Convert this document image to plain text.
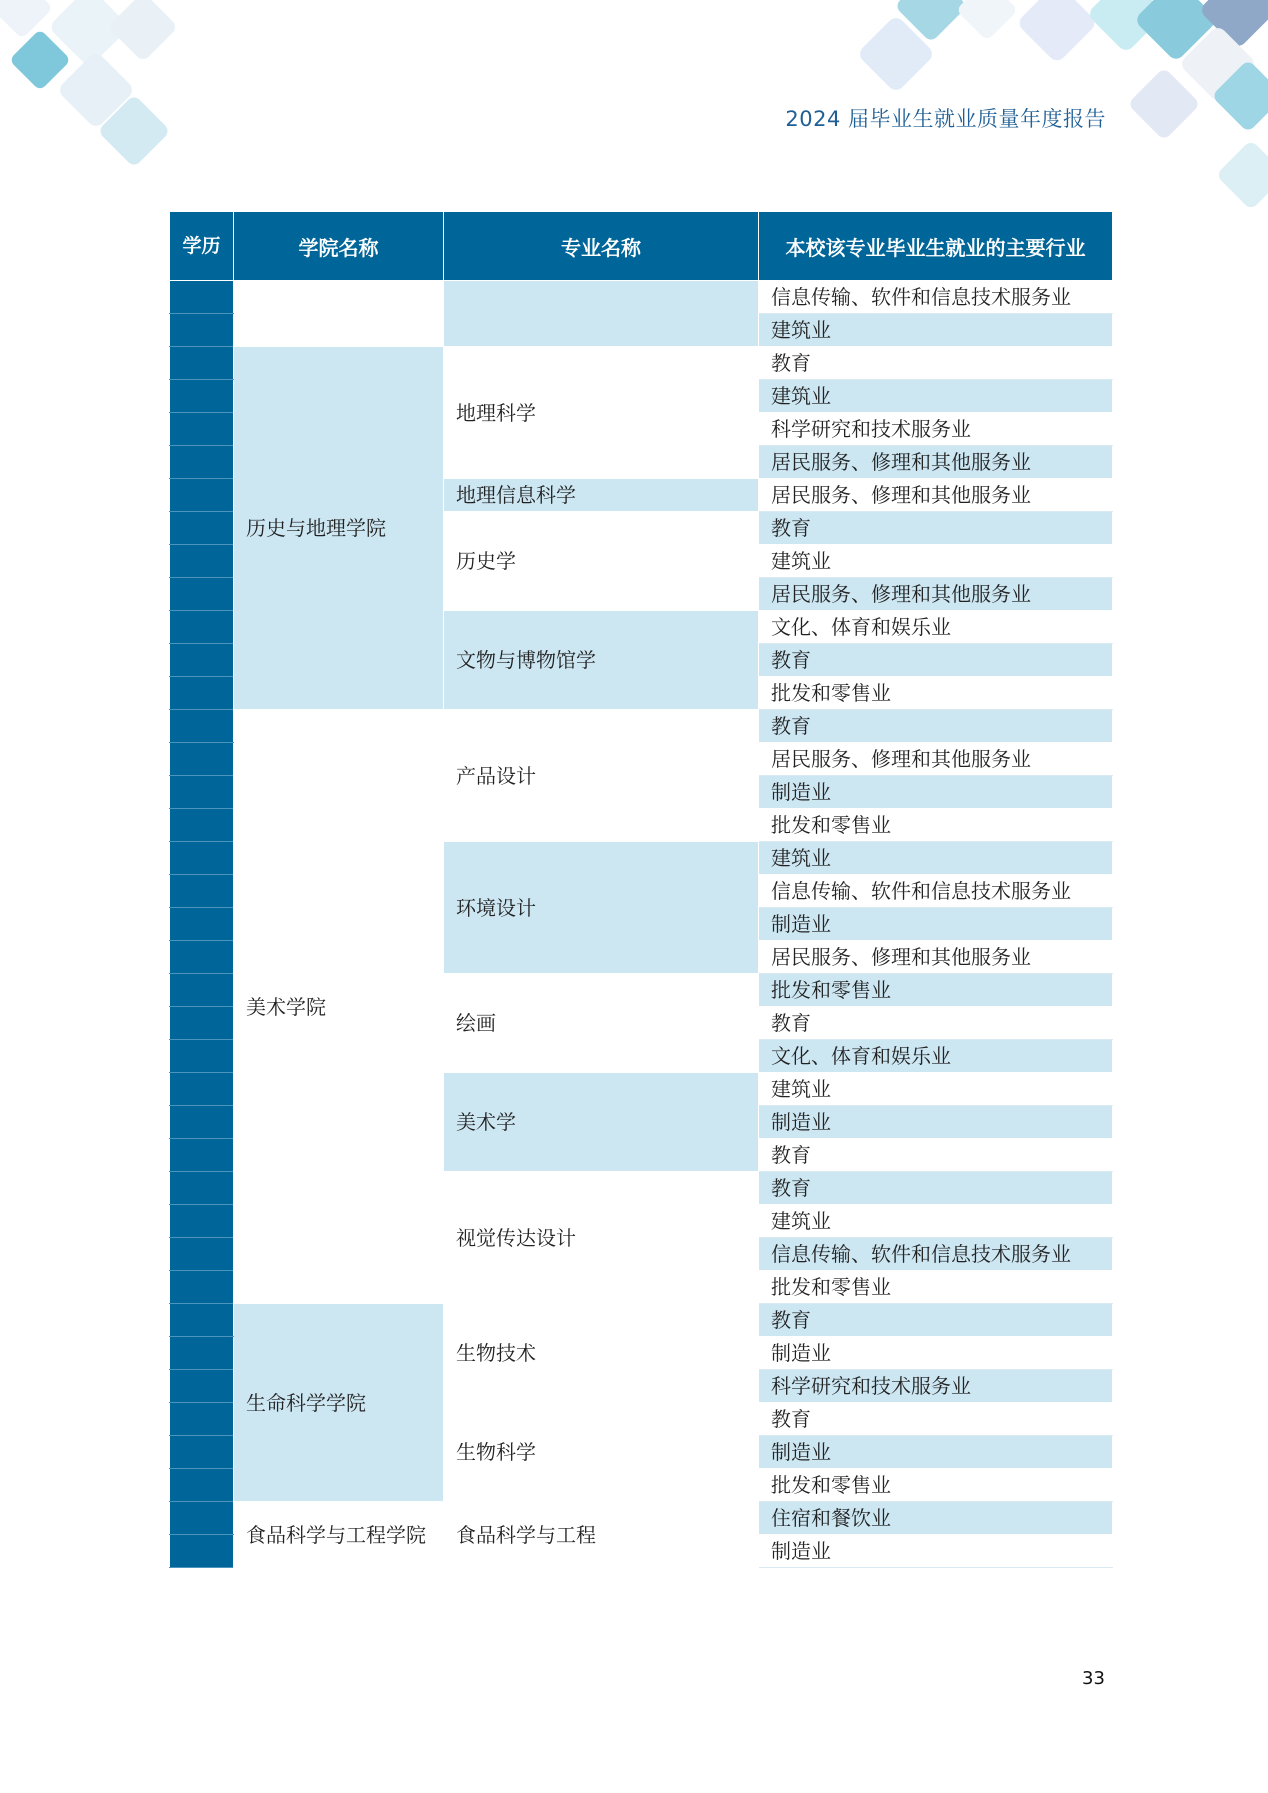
2024 届毕业生就业质量年度报告
学历	学院名称	专业名称	本校该专业毕业生就业的主要行业
			信息传输、软件和信息技术服务业
			建筑业
	历史与地理学院	地理科学	教育
			建筑业
			科学研究和技术服务业
			居民服务、修理和其他服务业
		地理信息科学	居民服务、修理和其他服务业
		历史学	教育
			建筑业
			居民服务、修理和其他服务业
		文物与博物馆学	文化、体育和娱乐业
			教育
			批发和零售业
	美术学院	产品设计	教育
			居民服务、修理和其他服务业
			制造业
			批发和零售业
		环境设计	建筑业
			信息传输、软件和信息技术服务业
			制造业
			居民服务、修理和其他服务业
		绘画	批发和零售业
			教育
			文化、体育和娱乐业
		美术学	建筑业
			制造业
			教育
		视觉传达设计	教育
			建筑业
			信息传输、软件和信息技术服务业
			批发和零售业
	生命科学学院	生物技术	教育
			制造业
			科学研究和技术服务业
		生物科学	教育
			制造业
			批发和零售业
	食品科学与工程学院	食品科学与工程	住宿和餐饮业
			制造业
33
